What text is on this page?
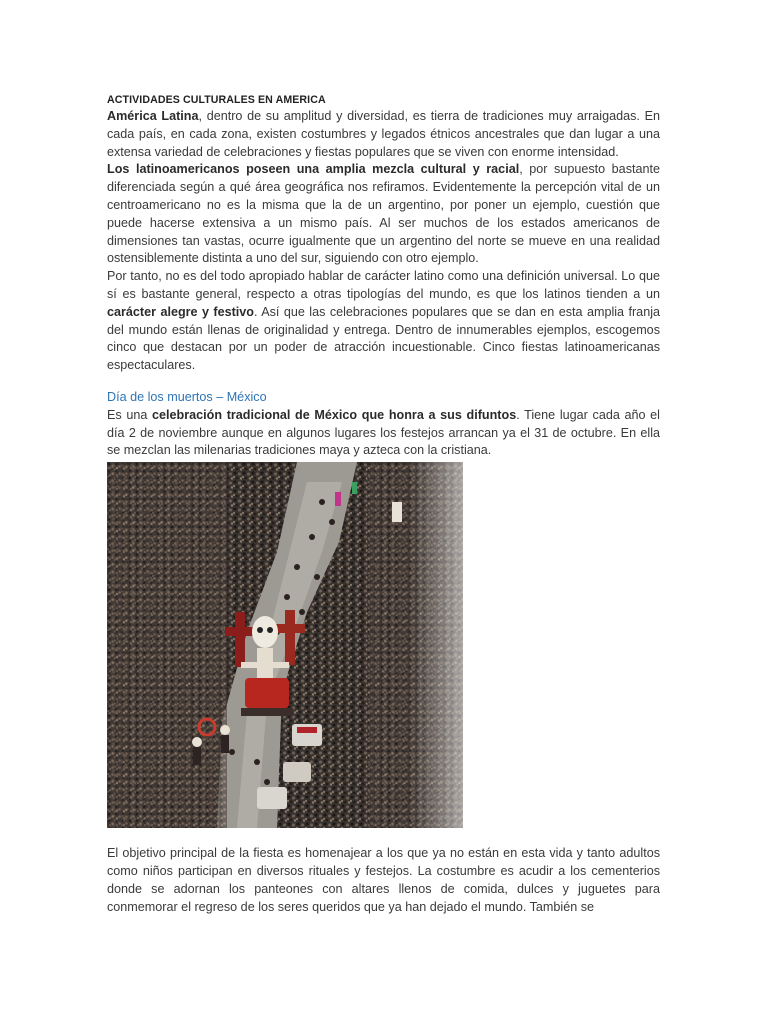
ACTIVIDADES CULTURALES EN AMERICA

América Latina, dentro de su amplitud y diversidad, es tierra de tradiciones muy arraigadas. En cada país, en cada zona, existen costumbres y legados étnicos ancestrales que dan lugar a una extensa variedad de celebraciones y fiestas populares que se viven con enorme intensidad.

Los latinoamericanos poseen una amplia mezcla cultural y racial, por supuesto bastante diferenciada según a qué área geográfica nos refiramos. Evidentemente la percepción vital de un centroamericano no es la misma que la de un argentino, por poner un ejemplo, cuestión que puede hacerse extensiva a un mismo país. Al ser muchos de los estados americanos de dimensiones tan vastas, ocurre igualmente que un argentino del norte se mueve en una realidad ostensiblemente distinta a uno del sur, siguiendo con otro ejemplo.

Por tanto, no es del todo apropiado hablar de carácter latino como una definición universal. Lo que sí es bastante general, respecto a otras tipologías del mundo, es que los latinos tienden a un carácter alegre y festivo. Así que las celebraciones populares que se dan en esta amplia franja del mundo están llenas de originalidad y entrega. Dentro de innumerables ejemplos, escogemos cinco que destacan por un poder de atracción incuestionable. Cinco fiestas latinoamericanas espectaculares.

Día de los muertos – México

Es una celebración tradicional de México que honra a sus difuntos. Tiene lugar cada año el día 2 de noviembre aunque en algunos lugares los festejos arrancan ya el 31 de octubre. En ella se mezclan las milenarias tradiciones maya y azteca con la cristiana.

El objetivo principal de la fiesta es homenajear a los que ya no están en esta vida y tanto adultos como niños participan en diversos rituales y festejos. La costumbre es acudir a los cementerios donde se adornan los panteones con altares llenos de comida, dulces y juguetes para conmemorar el regreso de los seres queridos que ya han dejado el mundo. También se
